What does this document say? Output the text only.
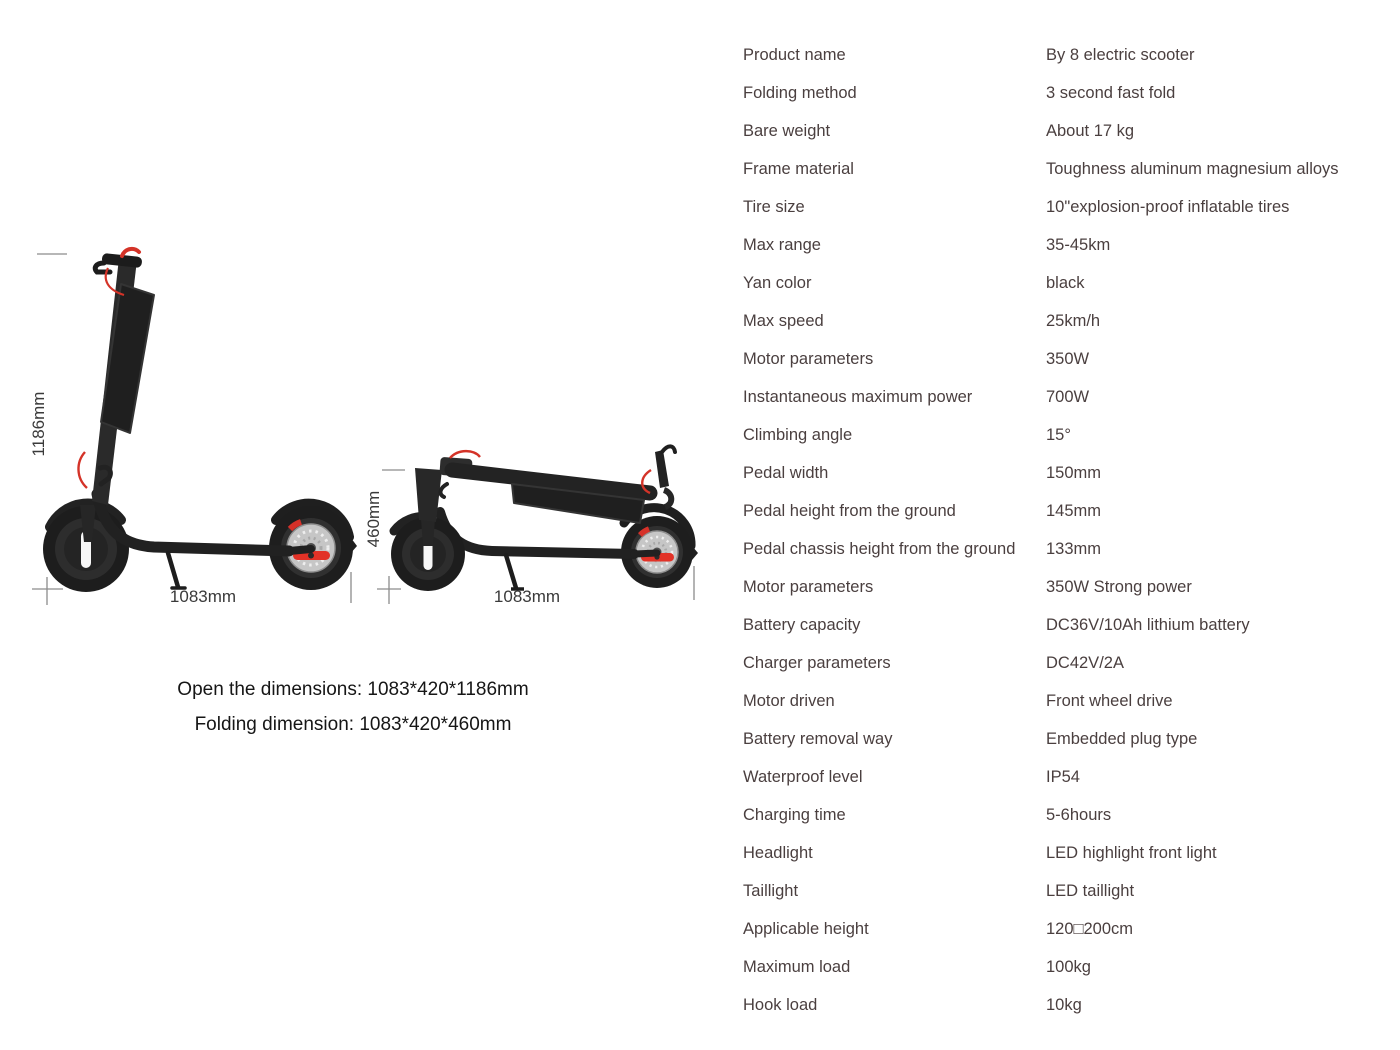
1186mm
1083mm
460mm
1083mm
Open the dimensions: 1083*420*1186mm
Folding dimension: 1083*420*460mm
Product name	By 8 electric scooter
Folding method	3 second fast fold
Bare weight	About 17 kg
Frame material	Toughness aluminum magnesium alloys
Tire size	10"explosion-proof inflatable tires
Max range	35-45km
Yan color	black
Max speed	25km/h
Motor parameters	350W
Instantaneous maximum power	700W
Climbing angle	15°
Pedal width	150mm
Pedal height from the ground	145mm
Pedal chassis height from the ground 133mm
Motor parameters	350W Strong power
Battery capacity	DC36V/10Ah lithium battery
Charger parameters	DC42V/2A
Motor driven	Front wheel drive
Battery removal way	Embedded plug type
Waterproof level	IP54
Charging time	5-6hours
Headlight	LED highlight front light
Taillight	LED taillight
Applicable height	120□200cm
Maximum load	100kg
Hook load	10kg
